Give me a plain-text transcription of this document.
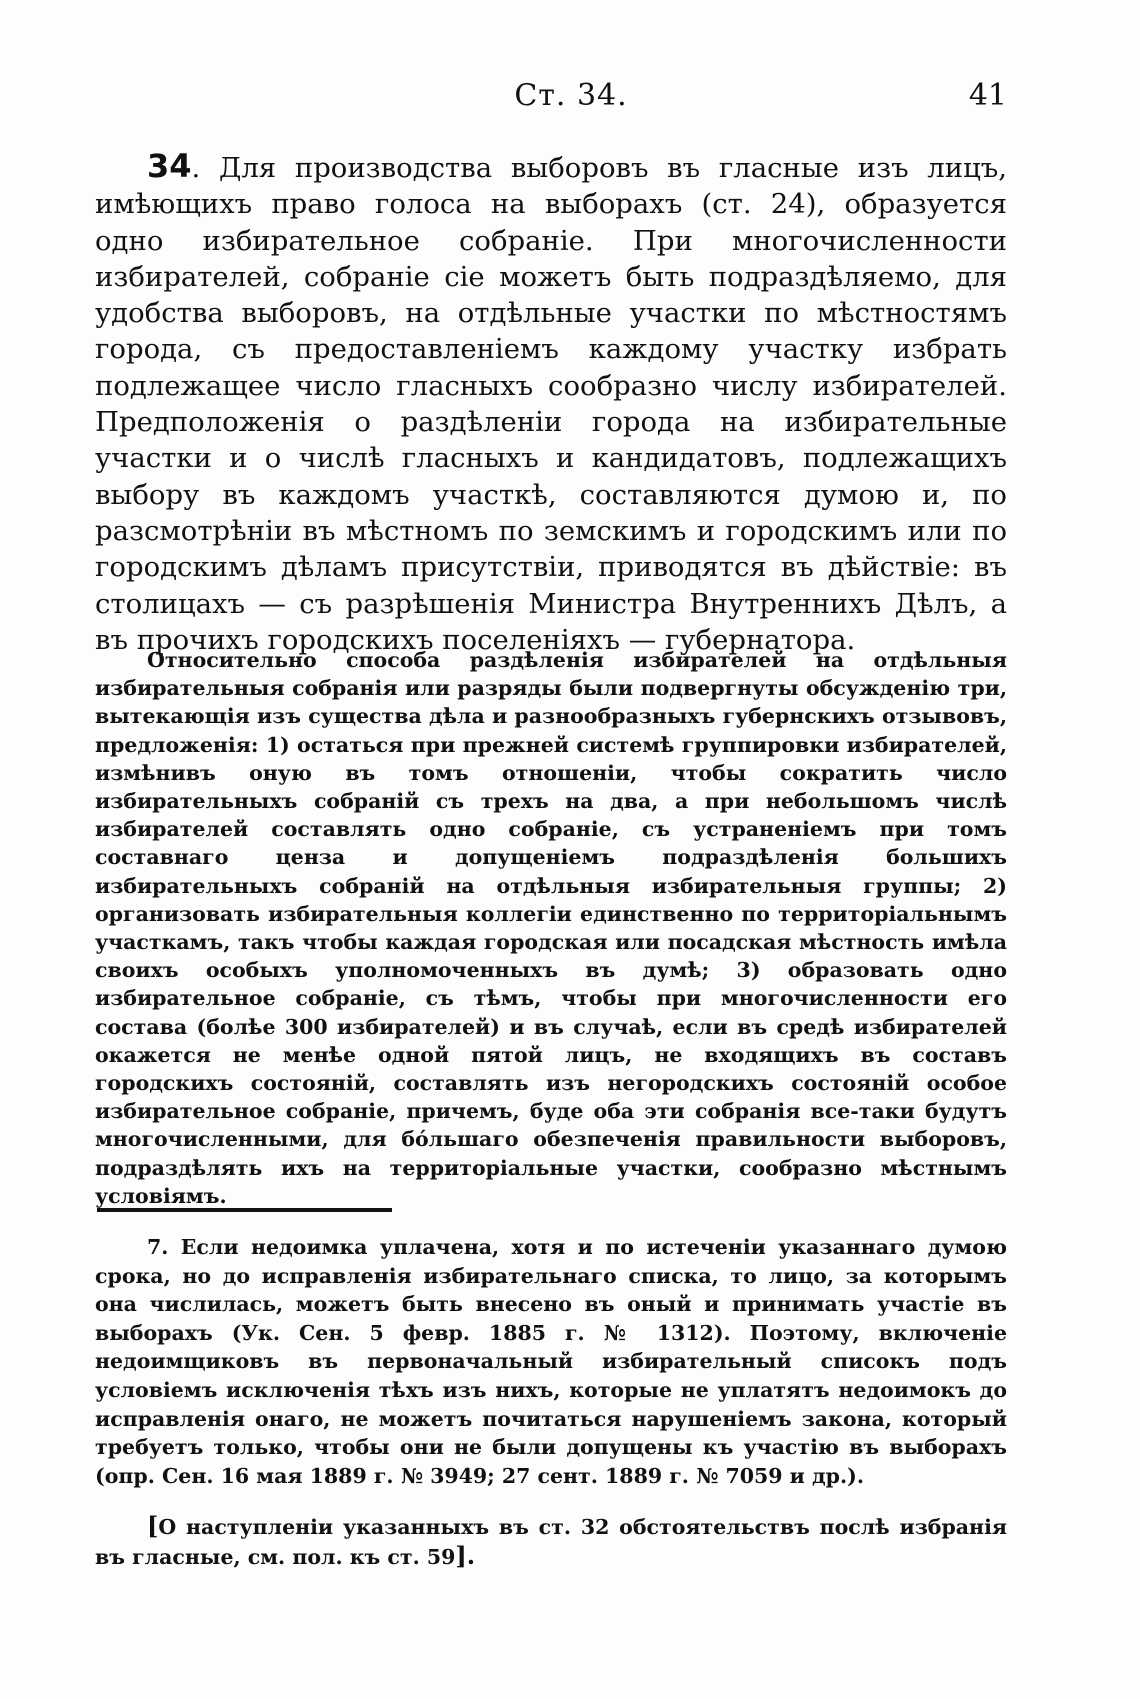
Ст. 34.	41

34. Для производства выборовъ въ гласные изъ лицъ, имѣющихъ право голоса на выборахъ (ст. 24), образуется одно избирательное собраніе. При многочисленности избирателей, собраніе сіе можетъ быть подраздѣляемо, для удобства выборовъ, на отдѣльные участки по мѣстностямъ города, съ предоставленіемъ каждому участку избрать подлежащее число гласныхъ сообразно числу избирателей. Предположенія о раздѣленіи города на избирательные участки и о числѣ гласныхъ и кандидатовъ, подлежащихъ выбору въ каждомъ участкѣ, составляются думою и, по разсмотрѣніи въ мѣстномъ по земскимъ и городскимъ или по городскимъ дѣламъ присутствіи, приводятся въ дѣйствіе: въ столицахъ — съ разрѣшенія Министра Внутреннихъ Дѣлъ, а въ прочихъ городскихъ поселеніяхъ — губернатора.

Относительно способа раздѣленія избирателей на отдѣльныя избирательныя собранія или разряды были подвергнуты обсужденію три, вытекающія изъ существа дѣла и разнообразныхъ губернскихъ отзывовъ, предложенія: 1) остаться при прежней системѣ группировки избирателей, измѣнивъ оную въ томъ отношеніи, чтобы сократить число избирательныхъ собраній съ трехъ на два, а при небольшомъ числѣ избирателей составлять одно собраніе, съ устраненіемъ при томъ составнаго ценза и допущеніемъ подраздѣленія большихъ избирательныхъ собраній на отдѣльныя избирательныя группы; 2) организовать избирательныя коллегіи единственно по территоріальнымъ участкамъ, такъ чтобы каждая городская или посадская мѣстность имѣла своихъ особыхъ уполномоченныхъ въ думѣ; 3) образовать одно избирательное собраніе, съ тѣмъ, чтобы при многочисленности его состава (болѣе 300 избирателей) и въ случаѣ, если въ средѣ избирателей окажется не менѣе одной пятой лицъ, не входящихъ въ составъ городскихъ состояній, составлять изъ негородскихъ состояній особое избирательное собраніе, причемъ, буде оба эти собранія все-таки будутъ многочисленными, для бо́льшаго обезпеченія правильности выборовъ, подраздѣлять ихъ на территоріальные участки, сообразно мѣстнымъ условіямъ.

7. Если недоимка уплачена, хотя и по истеченіи указаннаго думою срока, но до исправленія избирательнаго списка, то лицо, за которымъ она числилась, можетъ быть внесено въ оный и принимать участіе въ выборахъ (Ук. Сен. 5 февр. 1885 г. № 1312). Поэтому, включеніе недоимщиковъ въ первоначальный избирательный списокъ подъ условіемъ исключенія тѣхъ изъ нихъ, которые не уплатятъ недоимокъ до исправленія онаго, не можетъ почитаться нарушеніемъ закона, который требуетъ только, чтобы они не были допущены къ участію въ выборахъ (опр. Сен. 16 мая 1889 г. № 3949; 27 сент. 1889 г. № 7059 и др.).

[О наступленіи указанныхъ въ ст. 32 обстоятельствъ послѣ избранія въ гласные, см. пол. къ ст. 59].
